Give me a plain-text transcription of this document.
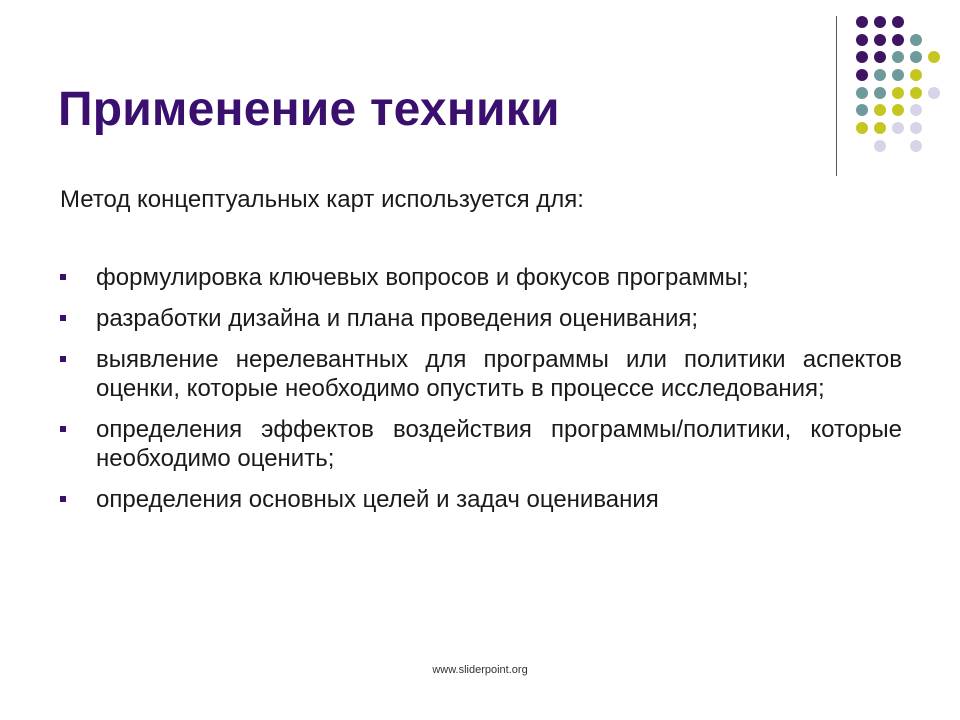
Применение техники

Метод концептуальных карт используется для:

формулировка ключевых вопросов и фокусов программы;
разработки дизайна и плана проведения оценивания;
выявление нерелевантных для программы или политики аспектов оценки, которые необходимо опустить в процессе исследования;
определения эффектов воздействия программы/политики, которые необходимо оценить;
определения основных целей и задач оценивания
www.sliderpoint.org
